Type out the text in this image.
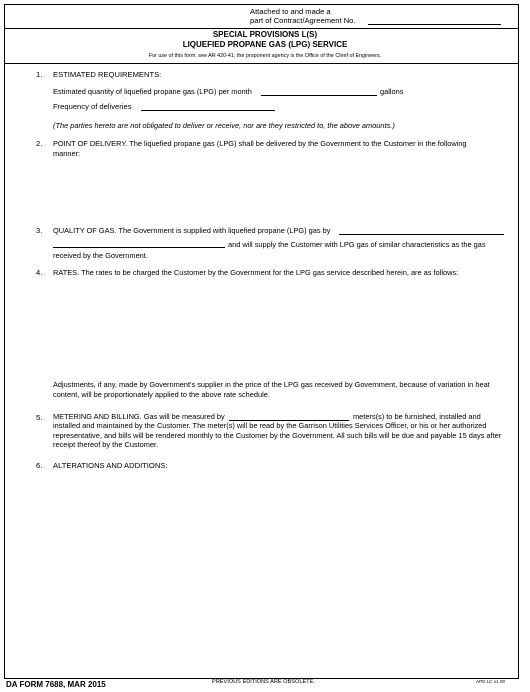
Attached to and made a
part of Contract/Agreement No.
SPECIAL PROVISIONS L(S)
LIQUEFIED PROPANE GAS (LPG) SERVICE
For use of this form, see AR 420-41; the proponent agency is the Office of the Chief of Engineers.
1. ESTIMATED REQUIREMENTS:
Estimated quantity of liquefied propane gas (LPG) per month	gallons
Frequency of deliveries
(The parties hereto are not obligated to deliver or receive, nor are they restricted to, the above amounts.)
2. POINT OF DELIVERY. The liquefied propane gas (LPG) shall be delivered by the Government to the Customer in the following manner:
3. QUALITY OF GAS. The Government is supplied with liquefied propane (LPG) gas by
and will supply the Customer with LPG gas of similar characteristics as the gas
received by the Government.
4. RATES. The rates to be charged the Customer by the Government for the LPG gas service described herein, are as follows:
Adjustments, if any, made by Government's supplier in the price of the LPG gas received by Government, because of variation in heat content, will be proportionately applied to the above rate schedule.
5. METERING AND BILLING. Gas will be measured by	meters(s) to be furnished, installed and
installed and maintained by the Customer. The meter(s) will be read by the Garrison Utilities Services Officer, or his or her authorized representative, and bills will be rendered monthly to the Customer by the Government. All such bills will be due and payable 15 days after receipt thereof by the Customer.
6. ALTERATIONS AND ADDITIONS:
DA FORM 7688, MAR 2015	PREVIOUS EDITIONS ARE OBSOLETE.	APD LC v1.00
